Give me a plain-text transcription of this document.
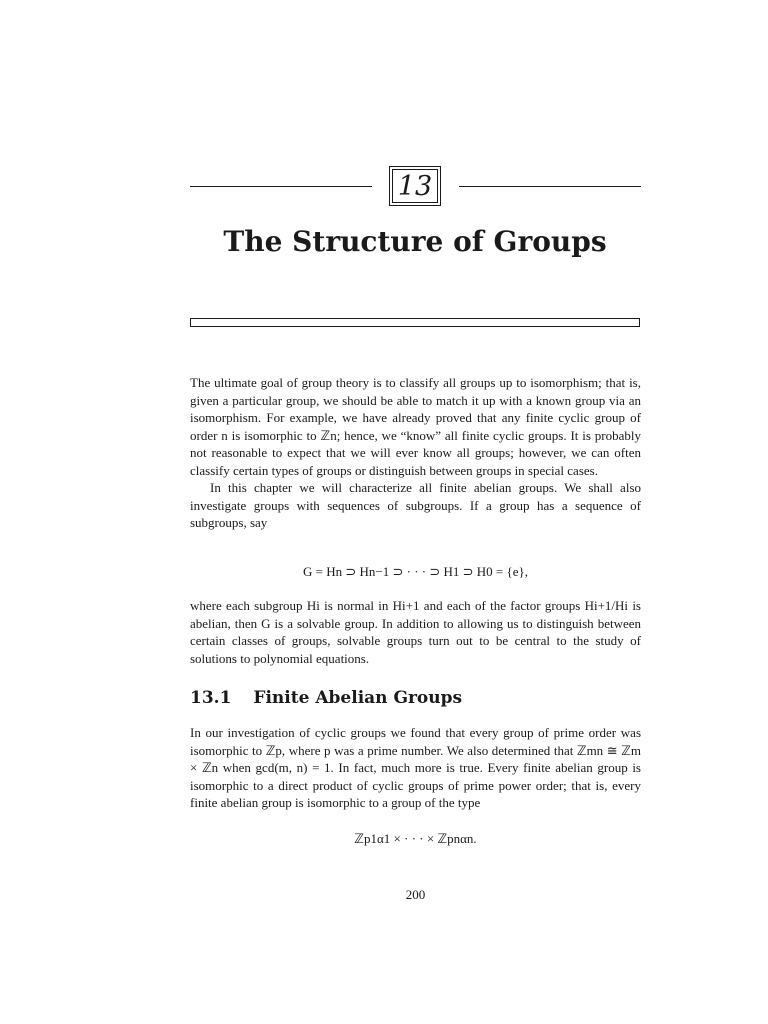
13
The Structure of Groups

The ultimate goal of group theory is to classify all groups up to isomorphism; that is, given a particular group, we should be able to match it up with a known group via an isomorphism. For example, we have already proved that any finite cyclic group of order n is isomorphic to ℤn; hence, we “know” all finite cyclic groups. It is probably not reasonable to expect that we will ever know all groups; however, we can often classify certain types of groups or distinguish between groups in special cases.

In this chapter we will characterize all finite abelian groups. We shall also investigate groups with sequences of subgroups. If a group has a sequence of subgroups, say

G = Hn ⊃ Hn−1 ⊃ · · · ⊃ H1 ⊃ H0 = {e},

where each subgroup Hi is normal in Hi+1 and each of the factor groups Hi+1/Hi is abelian, then G is a solvable group. In addition to allowing us to distinguish between certain classes of groups, solvable groups turn out to be central to the study of solutions to polynomial equations.

13.1 Finite Abelian Groups

In our investigation of cyclic groups we found that every group of prime order was isomorphic to ℤp, where p was a prime number. We also determined that ℤmn ≅ ℤm × ℤn when gcd(m, n) = 1. In fact, much more is true. Every finite abelian group is isomorphic to a direct product of cyclic groups of prime power order; that is, every finite abelian group is isomorphic to a group of the type

ℤp1α1 × · · · × ℤpnαn.
200
